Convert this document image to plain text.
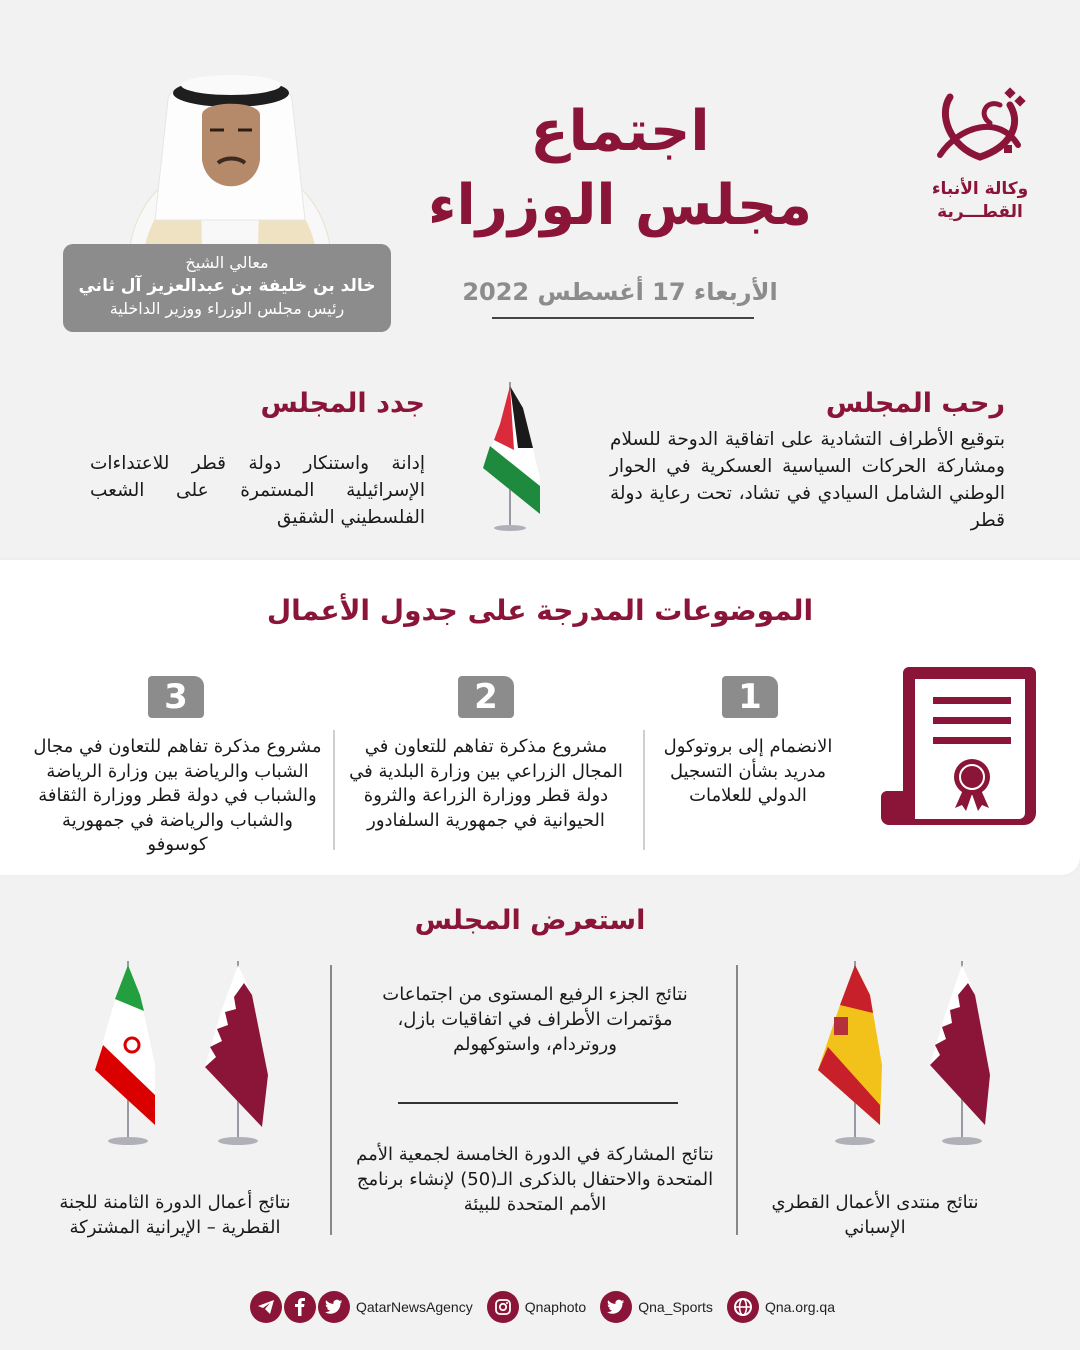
وكالة الأنباء
القطـــرية
اجتماع
مجلس الوزراء
الأربعاء 17 أغسطس 2022
معالي الشيخ
خالد بن خليفة بن عبدالعزيز آل ثاني
رئيس مجلس الوزراء ووزير الداخلية
رحب المجلس
بتوقيع الأطراف التشادية على اتفاقية الدوحة للسلام ومشاركة الحركات السياسية العسكرية في الحوار الوطني الشامل السيادي في تشاد، تحت رعاية دولة قطر
جدد المجلس
إدانة واستنكار دولة قطر للاعتداءات الإسرائيلية المستمرة على الشعب الفلسطيني الشقيق
الموضوعات المدرجة على جدول الأعمال
1
الانضمام إلى بروتوكول مدريد بشأن التسجيل الدولي للعلامات
2
مشروع مذكرة تفاهم للتعاون في المجال الزراعي بين وزارة البلدية في دولة قطر ووزارة الزراعة والثروة الحيوانية في جمهورية السلفادور
3
مشروع مذكرة تفاهم للتعاون في مجال الشباب والرياضة بين وزارة الرياضة والشباب في دولة قطر ووزارة الثقافة والشباب والرياضة في جمهورية كوسوفو
استعرض المجلس
نتائج منتدى الأعمال القطري الإسباني
نتائج الجزء الرفيع المستوى من اجتماعات مؤتمرات الأطراف في اتفاقيات بازل، وروتردام، واستوكهولم
نتائج المشاركة في الدورة الخامسة لجمعية الأمم المتحدة والاحتفال بالذكرى الـ(50) لإنشاء برنامج الأمم المتحدة للبيئة
نتائج أعمال الدورة الثامنة للجنة القطرية – الإيرانية المشتركة
Qna.org.qa
Qna_Sports
Qnaphoto
QatarNewsAgency
